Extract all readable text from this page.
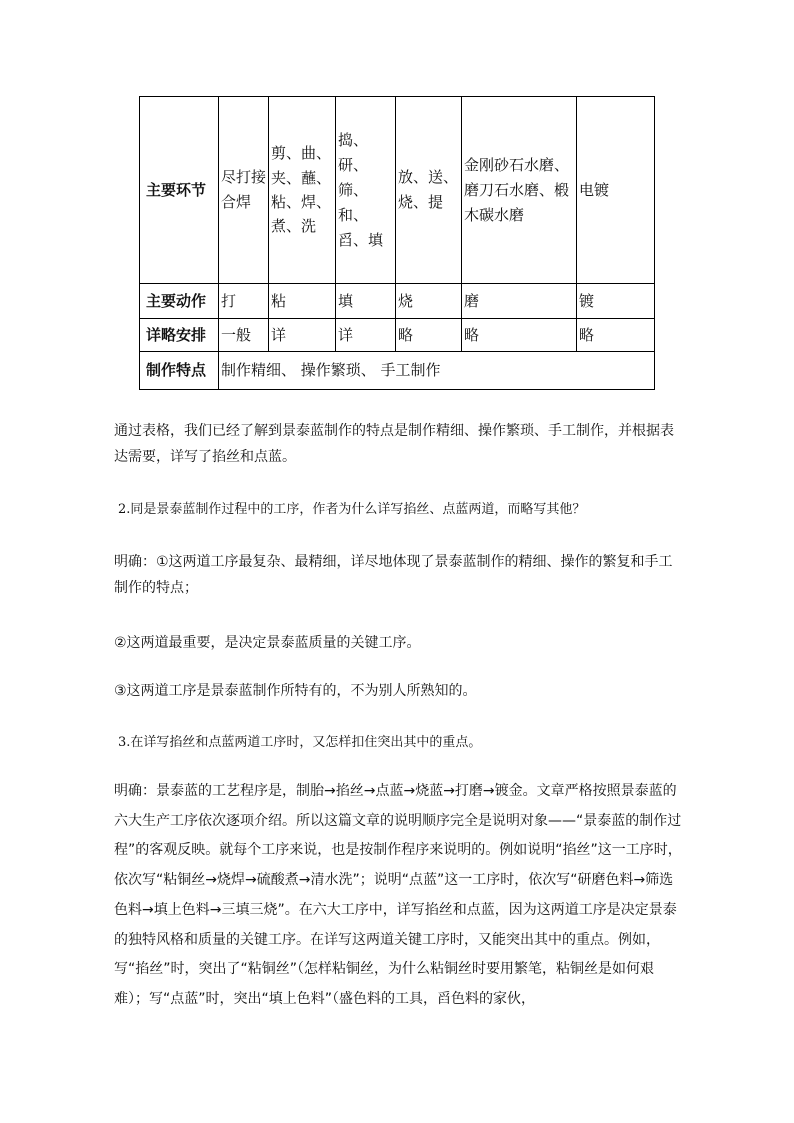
主要环节	尽打接合焊	剪、曲、夹、蘸、粘、焊、煮、洗	捣、研、筛、和、舀、填	放、送、烧、提	金刚砂石水磨、磨刀石水磨、椴木碳水磨	电镀
主要动作	打	粘	填	烧	磨	镀
详略安排	一般	详	详	略	略	略
制作特点	制作精细、 操作繁琐、 手工制作					

通过表格，我们已经了解到景泰蓝制作的特点是制作精细、操作繁琐、手工制作，并根据表达需要，详写了掐丝和点蓝。

2.同是景泰蓝制作过程中的工序，作者为什么详写掐丝、点蓝两道，而略写其他？

明确：①这两道工序最复杂、最精细，详尽地体现了景泰蓝制作的精细、操作的繁复和手工制作的特点；

②这两道最重要，是决定景泰蓝质量的关键工序。

③这两道工序是景泰蓝制作所特有的，不为别人所熟知的。

3.在详写掐丝和点蓝两道工序时，又怎样扣住突出其中的重点。

明确：景泰蓝的工艺程序是，制胎→掐丝→点蓝→烧蓝→打磨→镀金。文章严格按照景泰蓝的六大生产工序依次逐项介绍。所以这篇文章的说明顺序完全是说明对象——“景泰蓝的制作过程”的客观反映。就每个工序来说，也是按制作程序来说明的。例如说明“掐丝”这一工序时，依次写“粘铜丝→烧焊→硫酸煮→清水洗”；说明“点蓝”这一工序时，依次写“研磨色料→筛选色料→填上色料→三填三烧”。在六大工序中，详写掐丝和点蓝，因为这两道工序是决定景泰的独特风格和质量的关键工序。在详写这两道关键工序时，又能突出其中的重点。例如，写“掐丝”时，突出了“粘铜丝”（怎样粘铜丝，为什么粘铜丝时要用繁笔，粘铜丝是如何艰难）；写“点蓝”时，突出“填上色料”（盛色料的工具，舀色料的家伙，
